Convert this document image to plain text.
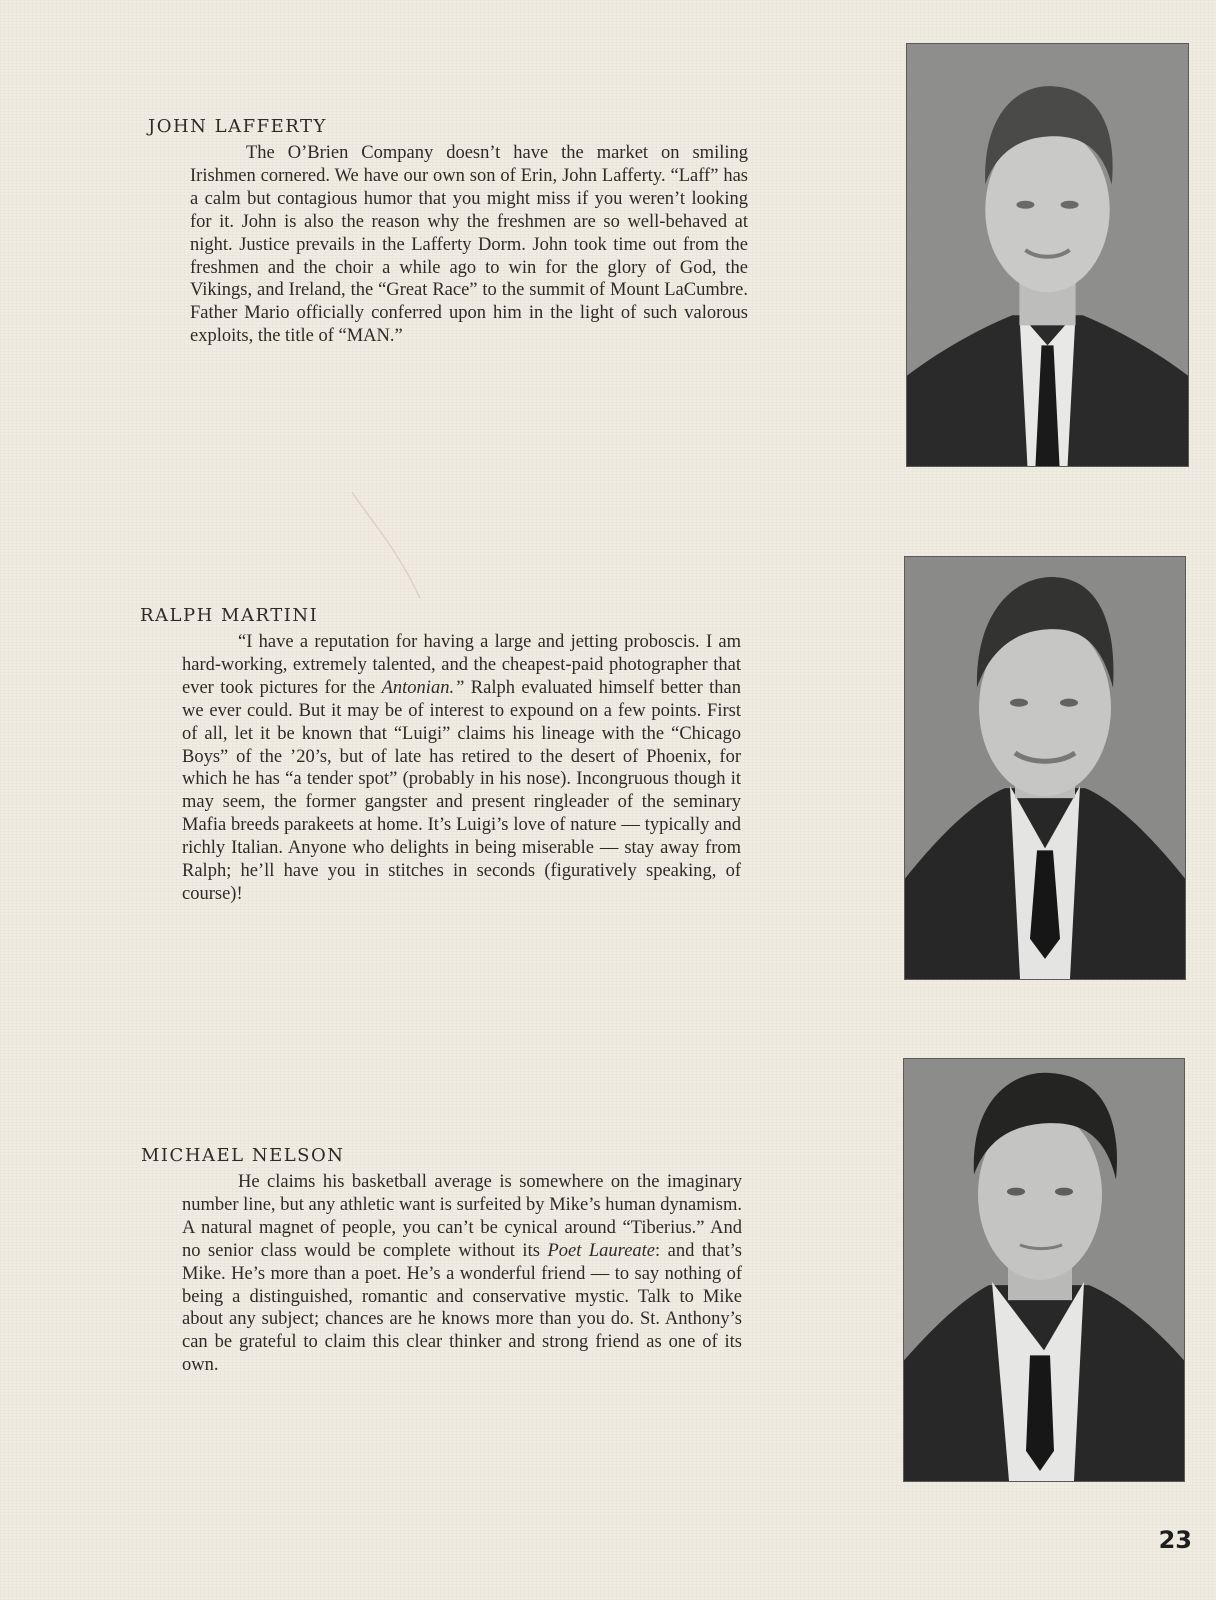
JOHN LAFFERTY

The O’Brien Company doesn’t have the market on smiling Irishmen cornered. We have our own son of Erin, John Lafferty. “Laff” has a calm but contagious humor that you might miss if you weren’t looking for it. John is also the reason why the freshmen are so well-behaved at night. Justice prevails in the Lafferty Dorm. John took time out from the freshmen and the choir a while ago to win for the glory of God, the Vikings, and Ireland, the “Great Race” to the summit of Mount LaCumbre. Father Mario officially conferred upon him in the light of such valorous exploits, the title of “MAN.”

RALPH MARTINI

“I have a reputation for having a large and jetting proboscis. I am hard-working, extremely talented, and the cheapest-paid photographer that ever took pictures for the Antonian.” Ralph evaluated himself better than we ever could. But it may be of interest to expound on a few points. First of all, let it be known that “Luigi” claims his lineage with the “Chicago Boys” of the ’20’s, but of late has retired to the desert of Phoenix, for which he has “a tender spot” (probably in his nose). Incongruous though it may seem, the former gangster and present ringleader of the seminary Mafia breeds parakeets at home. It’s Luigi’s love of nature — typically and richly Italian. Anyone who delights in being miserable — stay away from Ralph; he’ll have you in stitches in seconds (figuratively speaking, of course)!

MICHAEL NELSON

He claims his basketball average is somewhere on the imaginary number line, but any athletic want is surfeited by Mike’s human dynamism. A natural magnet of people, you can’t be cynical around “Tiberius.” And no senior class would be complete without its Poet Laureate: and that’s Mike. He’s more than a poet. He’s a wonderful friend — to say nothing of being a distinguished, romantic and conservative mystic. Talk to Mike about any subject; chances are he knows more than you do. St. Anthony’s can be grateful to claim this clear thinker and strong friend as one of its own.

23
